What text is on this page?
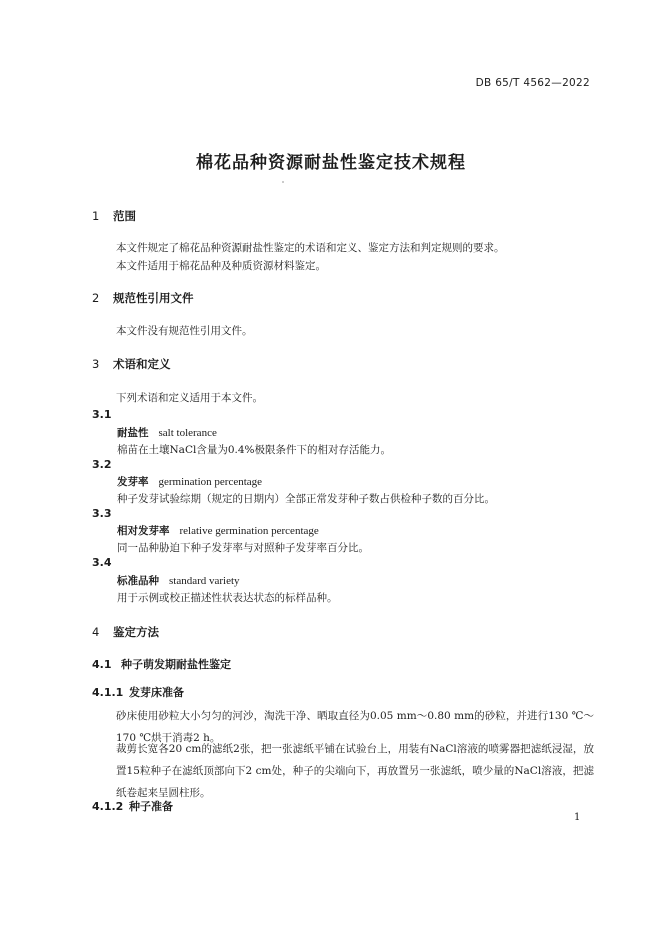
DB 65/T 4562—2022
棉花品种资源耐盐性鉴定技术规程
1 范围
本文件规定了棉花品种资源耐盐性鉴定的术语和定义、鉴定方法和判定规则的要求。
本文件适用于棉花品种及种质资源材料鉴定。
2 规范性引用文件
本文件没有规范性引用文件。
3 术语和定义
下列术语和定义适用于本文件。
3.1
耐盐性 salt tolerance
棉苗在土壤NaCl含量为0.4%极限条件下的相对存活能力。
3.2
发芽率 germination percentage
种子发芽试验综期（规定的日期内）全部正常发芽种子数占供检种子数的百分比。
3.3
相对发芽率 relative germination percentage
同一品种胁迫下种子发芽率与对照种子发芽率百分比。
3.4
标准品种 standard variety
用于示例或校正描述性状表达状态的标样品种。
4 鉴定方法
4.1 种子萌发期耐盐性鉴定
4.1.1 发芽床准备
砂床使用砂粒大小匀匀的河沙，淘洗干净、晒取直径为0.05 mm～0.80 mm的砂粒，并进行130 ℃～170 ℃烘干消毒2 h。
裁剪长宽各20 cm的滤纸2张，把一张滤纸平铺在试验台上，用装有NaCl溶液的喷雾器把滤纸浸湿，放置15粒种子在滤纸顶部向下2 cm处，种子的尖端向下，再放置另一张滤纸，喷少量的NaCl溶液，把滤纸卷起来呈圆柱形。
4.1.2 种子准备
1
